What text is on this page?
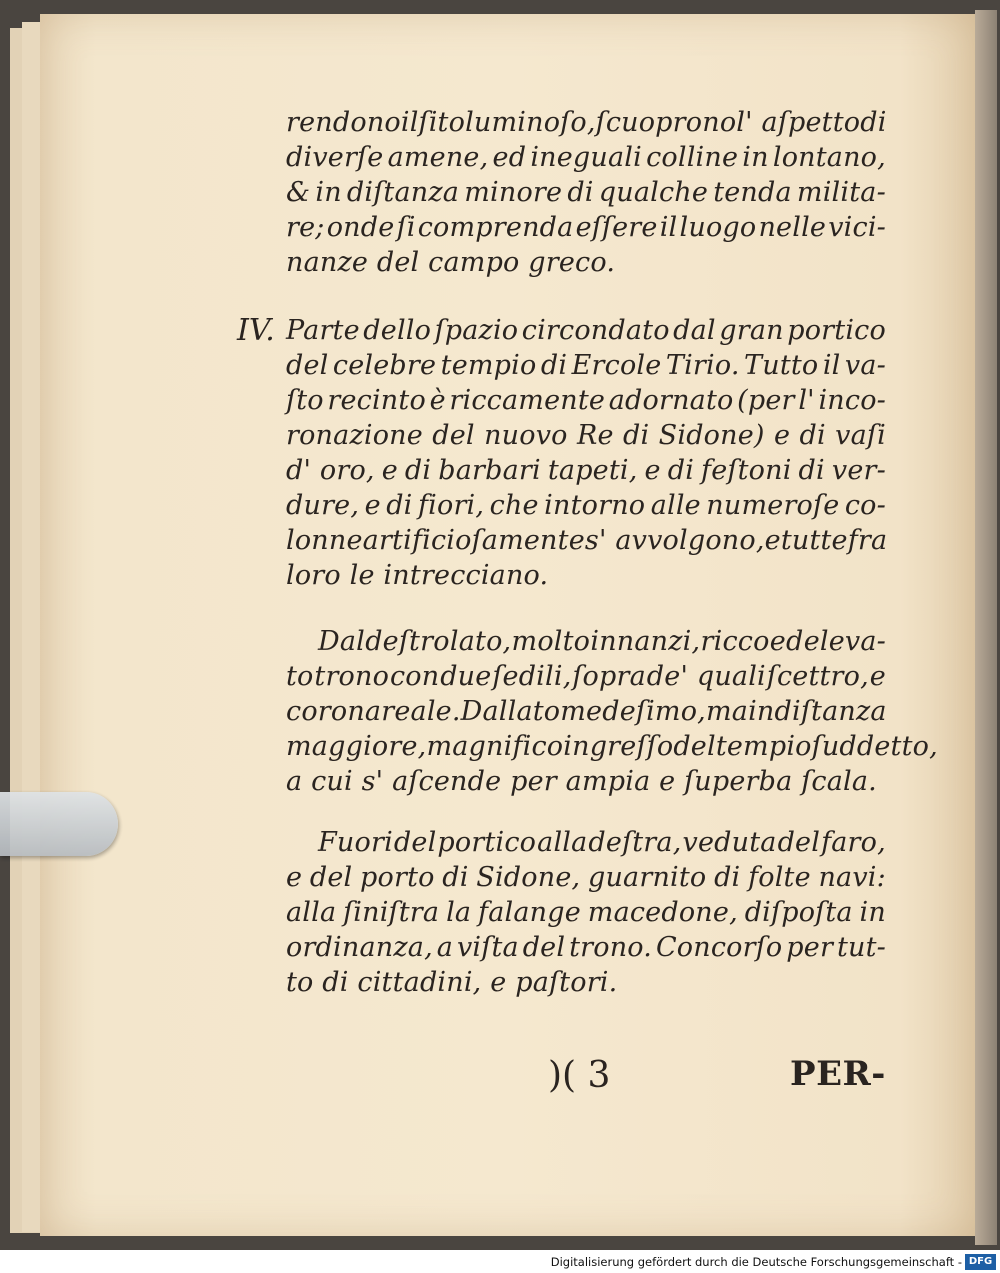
rendono il ſito luminoſo, ſcuoprono l' aſpetto di
diverſe amene, ed ineguali colline in lontano,
& in diſtanza minore di qualche tenda milita-
re; onde ſi comprenda eſſere il luogo nelle vici-
nanze del campo greco.
IV. Parte dello ſpazio circondato dal gran portico
del celebre tempio di Ercole Tirio. Tutto il va-
ſto recinto è riccamente adornato (per l' inco-
ronazione del nuovo Re di Sidone) e di vaſi
d' oro, e di barbari tapeti, e di feſtoni di ver-
dure, e di fiori, che intorno alle numeroſe co-
lonne artificioſamente s' avvolgono, e tutte fra
loro le intrecciano.
Dal deſtro lato, molto innanzi, ricco ed eleva-
to trono con due ſedili, ſopra de' quali ſcettro, e
corona reale. Dal lato medeſimo, ma in diſtanza
maggiore, magnifico ingreſſo del tempio ſuddetto,
a cui s' aſcende per ampia e ſuperba ſcala.
Fuori del portico alla deſtra, veduta del faro,
e del porto di Sidone, guarnito di folte navi:
alla ſiniſtra la falange macedone, diſpoſta in
ordinanza, a viſta del trono. Concorſo per tut-
to di cittadini, e paſtori.
)( 3	PER-
Digitalisierung gefördert durch die Deutsche Forschungsgemeinschaft - DFG
